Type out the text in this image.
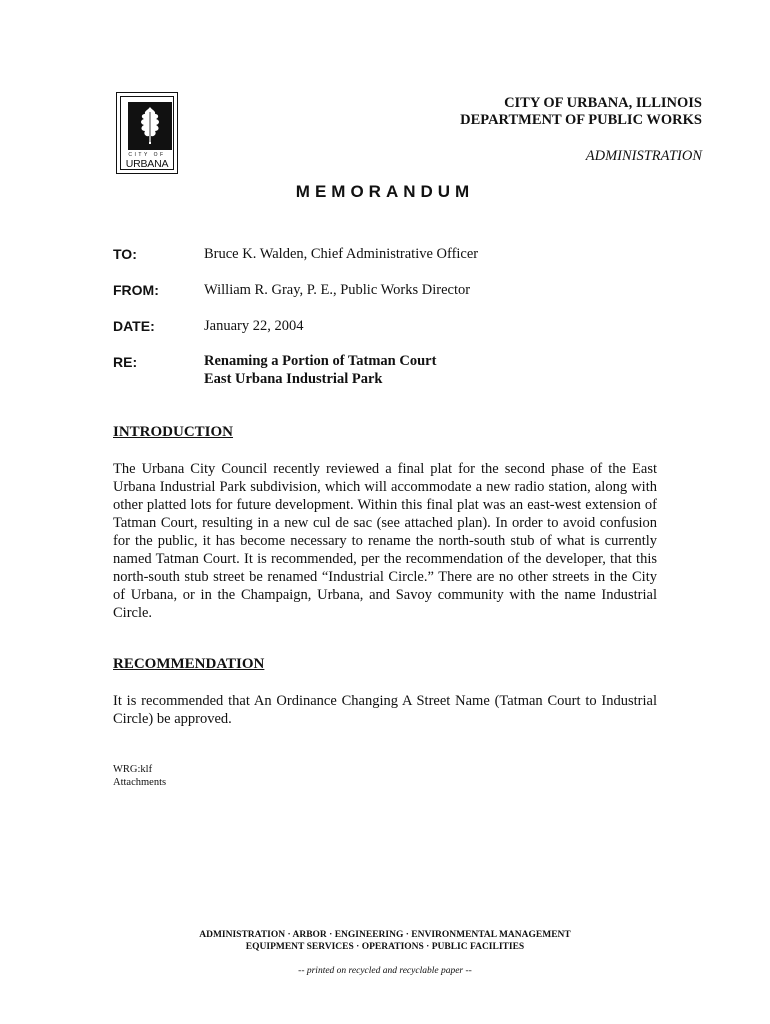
CITY OF
URBANA
CITY OF URBANA, ILLINOIS
DEPARTMENT OF PUBLIC WORKS
ADMINISTRATION
MEMORANDUM
TO:	Bruce K. Walden, Chief Administrative Officer
FROM:	William R. Gray, P. E., Public Works Director
DATE:	January 22, 2004
RE:	Renaming a Portion of Tatman Court
East Urbana Industrial Park
INTRODUCTION
The Urbana City Council recently reviewed a final plat for the second phase of the East Urbana Industrial Park subdivision, which will accommodate a new radio station, along with other platted lots for future development. Within this final plat was an east-west extension of Tatman Court, resulting in a new cul de sac (see attached plan). In order to avoid confusion for the public, it has become necessary to rename the north-south stub of what is currently named Tatman Court. It is recommended, per the recommendation of the developer, that this north-south stub street be renamed “Industrial Circle.” There are no other streets in the City of Urbana, or in the Champaign, Urbana, and Savoy community with the name Industrial Circle.
RECOMMENDATION
It is recommended that An Ordinance Changing A Street Name (Tatman Court to Industrial Circle) be approved.
WRG:klf
Attachments
ADMINISTRATION · ARBOR · ENGINEERING · ENVIRONMENTAL MANAGEMENT
EQUIPMENT SERVICES · OPERATIONS · PUBLIC FACILITIES
-- printed on recycled and recyclable paper --
